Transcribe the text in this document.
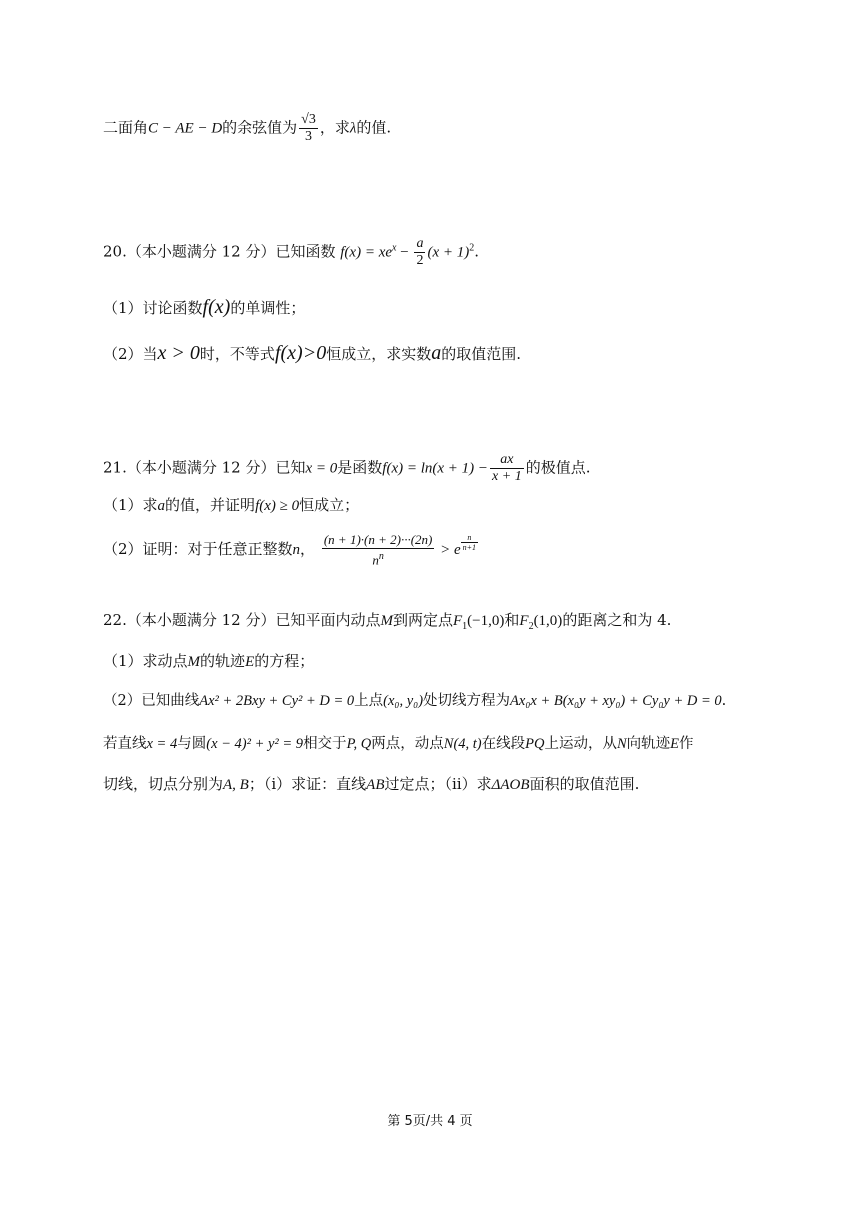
二面角C − AE − D的余弦值为 $\frac{√3}{3}$ ，求λ的值.
20.（本小题满分 12 分）已知函数 $f(x) = xe^x - \frac{a}{2} (x + 1)^2$.
（1）讨论函数f(x)的单调性；
（2）当x > 0时，不等式f(x)>0恒成立，求实数a的取值范围.
21.（本小题满分 12 分）已知x = 0是函数$f(x) = \ln(x + 1) - \frac{ax}{x + 1}$ 的极值点.
（1）求a的值，并证明f(x) ≥ 0恒成立；
（2）证明：对于任意正整数n， $\frac{(n + 1)\cdot(n + 2)\cdot\cdot\cdot(2n)}{n^n} > e$ $^{\frac{n}{n+1}}$
22.（本小题满分 12 分）已知平面内动点M到两定点$F_1(-1,0)$和$F_2(1,0)$的距离之和为 4.
（1）求动点M的轨迹E的方程；
（2）已知曲线Ax² + 2Bxy + Cy² + D = 0上点(x₀, y₀)处切线方程为Ax₀x + B(x₀y + xy₀) + Cy₀y + D = 0.
若直线x = 4与圆(x − 4)² + y² = 9相交于P, Q两点，动点N(4, t)在线段PQ上运动，从N向轨迹E作
切线，切点分别为A, B；（ⅰ）求证：直线AB过定点；（ⅱ）求ΔAOB面积的取值范围.
第 5页/共 4 页
